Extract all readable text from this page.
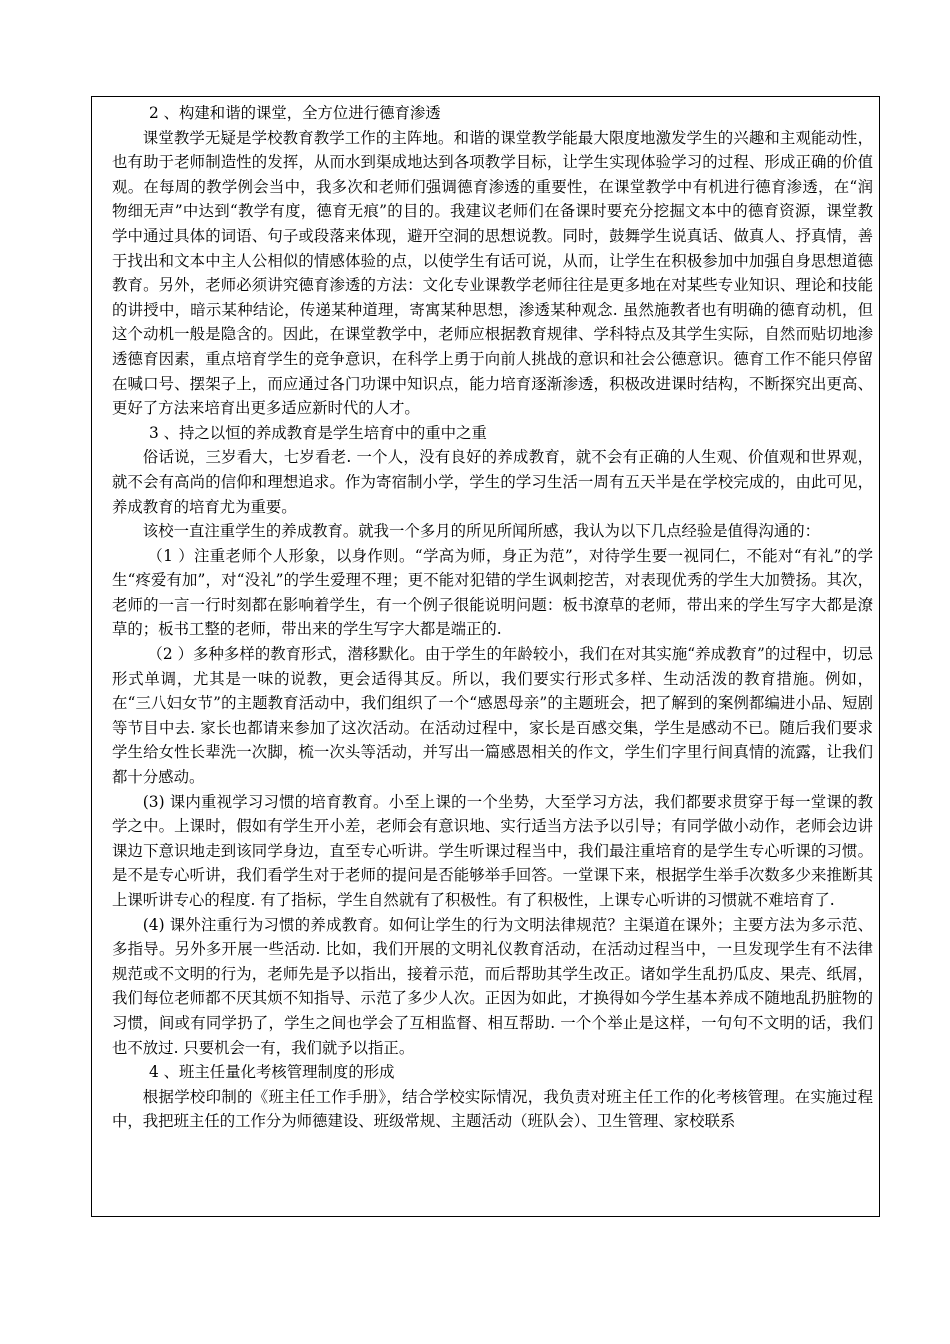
2 、构建和谐的课堂，全方位进行德育渗透

课堂教学无疑是学校教育教学工作的主阵地。和谐的课堂教学能最大限度地激发学生的兴趣和主观能动性，也有助于老师制造性的发挥，从而水到渠成地达到各项教学目标，让学生实现体验学习的过程、形成正确的价值观。在每周的教学例会当中，我多次和老师们强调德育渗透的重要性，在课堂教学中有机进行德育渗透，在“润物细无声”中达到“教学有度，德育无痕”的目的。我建议老师们在备课时要充分挖掘文本中的德育资源，课堂教学中通过具体的词语、句子或段落来体现，避开空洞的思想说教。同时，鼓舞学生说真话、做真人、抒真情，善于找出和文本中主人公相似的情感体验的点，以使学生有话可说，从而，让学生在积极参加中加强自身思想道德教育。另外，老师必须讲究德育渗透的方法：文化专业课教学老师往往是更多地在对某些专业知识、理论和技能的讲授中，暗示某种结论，传递某种道理，寄寓某种思想，渗透某种观念. 虽然施教者也有明确的德育动机，但这个动机一般是隐含的。因此，在课堂教学中，老师应根据教育规律、学科特点及其学生实际，自然而贴切地渗透德育因素，重点培育学生的竞争意识，在科学上勇于向前人挑战的意识和社会公德意识。德育工作不能只停留在喊口号、摆架子上，而应通过各门功课中知识点，能力培育逐渐渗透，积极改进课时结构，不断探究出更高、更好了方法来培育出更多适应新时代的人才。

3 、持之以恒的养成教育是学生培育中的重中之重

俗话说，三岁看大，七岁看老. 一个人，没有良好的养成教育，就不会有正确的人生观、价值观和世界观，就不会有高尚的信仰和理想追求。作为寄宿制小学，学生的学习生活一周有五天半是在学校完成的，由此可见，养成教育的培育尤为重要。

该校一直注重学生的养成教育。就我一个多月的所见所闻所感，我认为以下几点经验是值得沟通的：

（1 ）注重老师个人形象，以身作则。“学高为师，身正为范”，对待学生要一视同仁，不能对“有礼”的学生“疼爱有加”，对“没礼”的学生爱理不理；更不能对犯错的学生讽刺挖苦，对表现优秀的学生大加赞扬。其次，老师的一言一行时刻都在影响着学生，有一个例子很能说明问题：板书潦草的老师，带出来的学生写字大都是潦草的；板书工整的老师，带出来的学生写字大都是端正的.

（2 ）多种多样的教育形式，潜移默化。由于学生的年龄较小，我们在对其实施“养成教育”的过程中，切忌形式单调，尤其是一味的说教，更会适得其反。所以，我们要实行形式多样、生动活泼的教育措施。例如，在“三八妇女节”的主题教育活动中，我们组织了一个“感恩母亲”的主题班会，把了解到的案例都编进小品、短剧等节目中去. 家长也都请来参加了这次活动。在活动过程中，家长是百感交集，学生是感动不已。随后我们要求学生给女性长辈洗一次脚，梳一次头等活动，并写出一篇感恩相关的作文，学生们字里行间真情的流露，让我们都十分感动。

(3) 课内重视学习习惯的培育教育。小至上课的一个坐势，大至学习方法，我们都要求贯穿于每一堂课的教学之中。上课时，假如有学生开小差，老师会有意识地、实行适当方法予以引导；有同学做小动作，老师会边讲课边下意识地走到该同学身边，直至专心听讲。学生听课过程当中，我们最注重培育的是学生专心听课的习惯。是不是专心听讲，我们看学生对于老师的提问是否能够举手回答。一堂课下来，根据学生举手次数多少来推断其上课听讲专心的程度. 有了指标，学生自然就有了积极性。有了积极性，上课专心听讲的习惯就不难培育了.

(4) 课外注重行为习惯的养成教育。如何让学生的行为文明法律规范？主渠道在课外；主要方法为多示范、多指导。另外多开展一些活动. 比如，我们开展的文明礼仪教育活动，在活动过程当中，一旦发现学生有不法律规范或不文明的行为，老师先是予以指出，接着示范，而后帮助其学生改正。诸如学生乱扔瓜皮、果壳、纸屑，我们每位老师都不厌其烦不知指导、示范了多少人次。正因为如此，才换得如今学生基本养成不随地乱扔脏物的习惯，间或有同学扔了，学生之间也学会了互相监督、相互帮助. 一个个举止是这样，一句句不文明的话，我们也不放过. 只要机会一有，我们就予以指正。

4 、班主任量化考核管理制度的形成

根据学校印制的《班主任工作手册》，结合学校实际情况，我负责对班主任工作的化考核管理。在实施过程中，我把班主任的工作分为师德建设、班级常规、主题活动（班队会）、卫生管理、家校联系
